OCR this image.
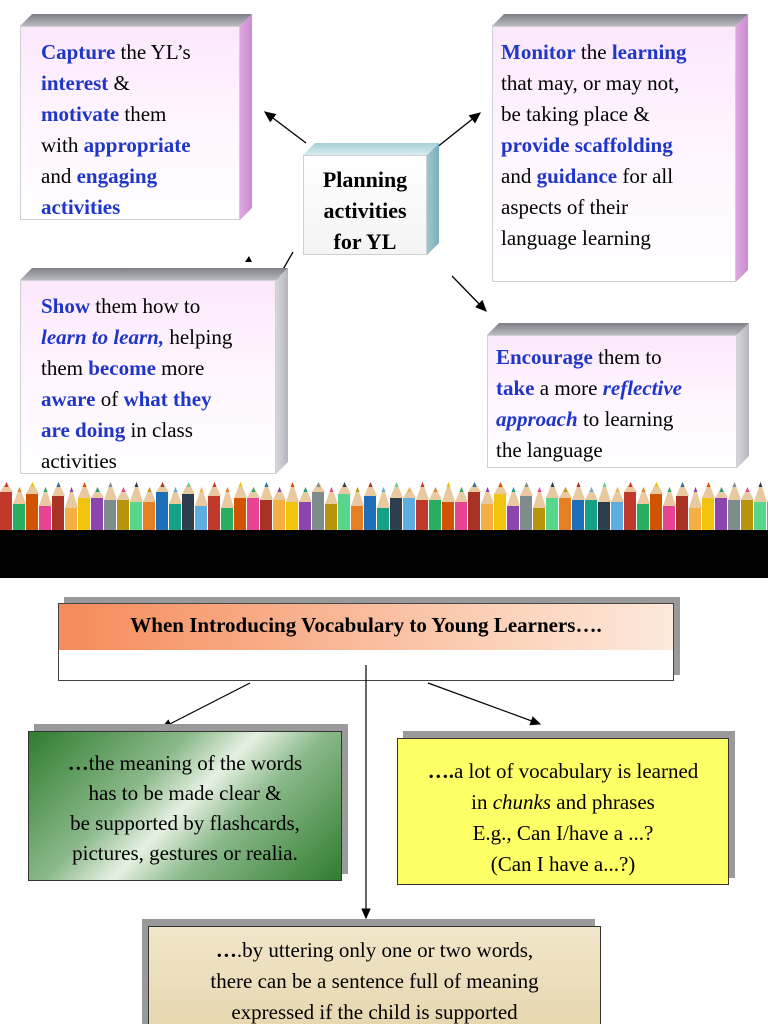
Capture the YL’s
interest &
motivate them
with appropriate
and engaging
activities
Planning
activities
for YL
Monitor the learning
that may, or may not,
be taking place &
provide scaffolding
and guidance for all
aspects of their
language learning
Show them how to
learn to learn, helping
them become more
aware of what they
are doing in class
activities
Encourage them to
take a more reflective
approach to learning
the language
When Introducing Vocabulary to Young Learners….
…the meaning of the words
has to be made clear &
be supported by flashcards,
pictures, gestures or realia.
….a lot of vocabulary is learned
in chunks and phrases
E.g., Can I/have a ...?
(Can I have a...?)
….by uttering only one or two words,
there can be a sentence full of meaning
expressed if the child is supported
